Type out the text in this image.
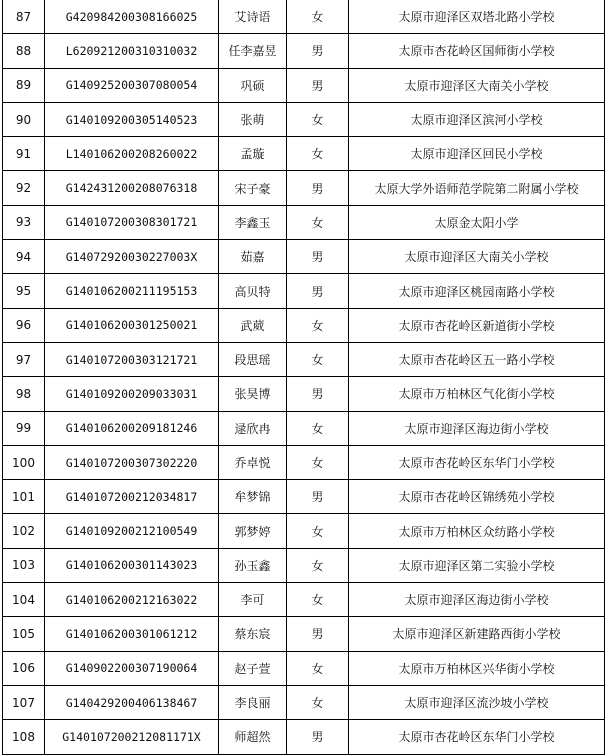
87	G420984200308166025	艾诗语	女	太原市迎泽区双塔北路小学校
88	L620921200310310032	任李嘉昱	男	太原市杏花岭区国师街小学校
89	G140925200307080054	巩硕	男	太原市迎泽区大南关小学校
90	G140109200305140523	张萌	女	太原市迎泽区滨河小学校
91	L140106200208260022	孟璇	女	太原市迎泽区回民小学校
92	G142431200208076318	宋子豪	男	太原大学外语师范学院第二附属小学校
93	G140107200308301721	李鑫玉	女	太原金太阳小学
94	G14072920030227003X	茹嘉	男	太原市迎泽区大南关小学校
95	G140106200211195153	高贝特	男	太原市迎泽区桃园南路小学校
96	G140106200301250021	武葳	女	太原市杏花岭区新道街小学校
97	G140107200303121721	段思瑶	女	太原市杏花岭区五一路小学校
98	G140109200209033031	张昊博	男	太原市万柏林区气化街小学校
99	G140106200209181246	逯欣冉	女	太原市迎泽区海边街小学校
100	G140107200307302220	乔卓悦	女	太原市杏花岭区东华门小学校
101	G140107200212034817	牟梦锦	男	太原市杏花岭区锦绣苑小学校
102	G140109200212100549	郭梦婷	女	太原市万柏林区众纺路小学校
103	G140106200301143023	孙玉鑫	女	太原市迎泽区第二实验小学校
104	G140106200212163022	李可	女	太原市迎泽区海边街小学校
105	G140106200301061212	蔡东宸	男	太原市迎泽区新建路西街小学校
106	G140902200307190064	赵子萱	女	太原市万柏林区兴华街小学校
107	G140429200406138467	李良丽	女	太原市迎泽区流沙坡小学校
108	G140107200212081171X	师超然	男	太原市杏花岭区东华门小学校
